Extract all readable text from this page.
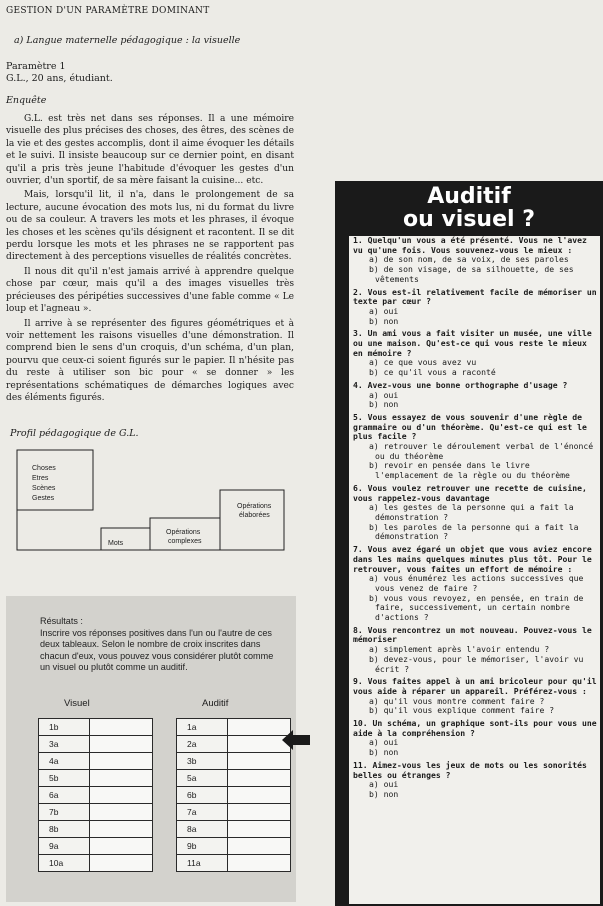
GESTION D'UN PARAMÈTRE DOMINANT
a) Langue maternelle pédagogique : la visuelle
Paramètre 1
G.L., 20 ans, étudiant.
Enquête

G.L. est très net dans ses réponses. Il a une mémoire visuelle des plus précises des choses, des êtres, des scènes de la vie et des gestes accomplis, dont il aime évoquer les détails et le suivi. Il insiste beaucoup sur ce dernier point, en disant qu'il a pris très jeune l'habitude d'évoquer les gestes d'un ouvrier, d'un sportif, de sa mère faisant la cuisine... etc.

Mais, lorsqu'il lit, il n'a, dans le prolongement de sa lecture, aucune évocation des mots lus, ni du format du livre ou de sa couleur. A travers les mots et les phrases, il évoque les choses et les scènes qu'ils désignent et racontent. Il se dit perdu lorsque les mots et les phrases ne se rapportent pas directement à des perceptions visuelles de réalités concrètes.

Il nous dit qu'il n'est jamais arrivé à apprendre quelque chose par cœur, mais qu'il a des images visuelles très précieuses des péripéties successives d'une fable comme « Le loup et l'agneau ».

Il arrive à se représenter des figures géométriques et à voir nettement les raisons visuelles d'une démonstration. Il comprend bien le sens d'un croquis, d'un schéma, d'un plan, pourvu que ceux-ci soient figurés sur le papier. Il n'hésite pas du reste à utiliser son bic pour « se donner » les représentations schématiques de démarches logiques avec des éléments figurés.

Profil pédagogique de G.L.
Choses
Etres
Scènes
Gestes
Mots
Opérations
complexes
Opérations
élaborées
Résultats :
Inscrire vos réponses positives dans l'un ou l'autre de ces deux tableaux. Selon le nombre de croix inscrites dans chacun d'eux, vous pouvez vous considérer plutôt comme un visuel ou plutôt comme un auditif.
Visuel	Auditif
1b	
3a	
4a	
5b	
6a	
7b	
8b	
9a	
10a	
1a	
2a	
3b	
5a	
6b	
7a	
8a	
9b	
11a	
Auditif
ou visuel ?
1. Quelqu'un vous a été présenté. Vous ne l'avez vu qu'une fois. Vous souvenez-vous le mieux :
a) de son nom, de sa voix, de ses paroles
b) de son visage, de sa silhouette, de ses vêtements
2. Vous est-il relativement facile de mémoriser un texte par cœur ?
a) oui
b) non
3. Un ami vous a fait visiter un musée, une ville ou une maison. Qu'est-ce qui vous reste le mieux en mémoire ?
a) ce que vous avez vu
b) ce qu'il vous a raconté
4. Avez-vous une bonne orthographe d'usage ?
a) oui
b) non
5. Vous essayez de vous souvenir d'une règle de grammaire ou d'un théorème. Qu'est-ce qui est le plus facile ?
a) retrouver le déroulement verbal de l'énoncé ou du théorème
b) revoir en pensée dans le livre l'emplacement de la règle ou du théorème
6. Vous voulez retrouver une recette de cuisine, vous rappelez-vous davantage
a) les gestes de la personne qui a fait la démonstration ?
b) les paroles de la personne qui a fait la démonstration ?
7. Vous avez égaré un objet que vous aviez encore dans les mains quelques minutes plus tôt. Pour le retrouver, vous faites un effort de mémoire :
a) vous énumérez les actions successives que vous venez de faire ?
b) vous vous revoyez, en pensée, en train de faire, successivement, un certain nombre d'actions ?
8. Vous rencontrez un mot nouveau. Pouvez-vous le mémoriser
a) simplement après l'avoir entendu ?
b) devez-vous, pour le mémoriser, l'avoir vu écrit ?
9. Vous faites appel à un ami bricoleur pour qu'il vous aide à réparer un appareil. Préférez-vous :
a) qu'il vous montre comment faire ?
b) qu'il vous explique comment faire ?
10. Un schéma, un graphique sont-ils pour vous une aide à la compréhension ?
a) oui
b) non
11. Aimez-vous les jeux de mots ou les sonorités belles ou étranges ?
a) oui
b) non
